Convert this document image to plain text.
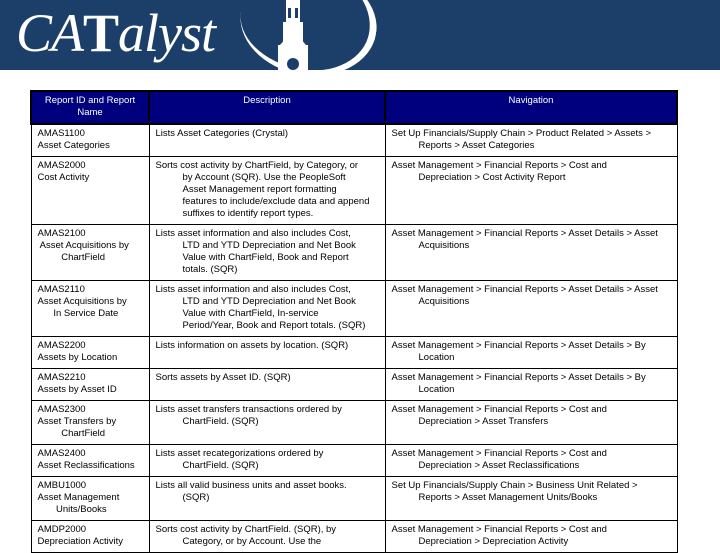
CATalyst
Report ID and Report Name	Description	Navigation

AMAS1100
Asset Categories	Lists Asset Categories (Crystal)	Set Up Financials/Supply Chain > Product Related > Assets >
Reports > Asset Categories

AMAS2000
Cost Activity	Sorts cost activity by ChartField, by Category, or
by Account (SQR). Use the PeopleSoft
Asset Management report formatting
features to include/exclude data and append
suffixes to identify report types.	Asset Management > Financial Reports > Cost and
Depreciation > Cost Activity Report

AMAS2100
Asset Acquisitions by
ChartField	Lists asset information and also includes Cost,
LTD and YTD Depreciation and Net Book
Value with ChartField, Book and Report
totals. (SQR)	Asset Management > Financial Reports > Asset Details > Asset
Acquisitions

AMAS2110
Asset Acquisitions by
In Service Date	Lists asset information and also includes Cost,
LTD and YTD Depreciation and Net Book
Value with ChartField, In-service
Period/Year, Book and Report totals. (SQR)	Asset Management > Financial Reports > Asset Details > Asset
Acquisitions

AMAS2200
Assets by Location	Lists information on assets by location. (SQR)	Asset Management > Financial Reports > Asset Details > By
Location

AMAS2210
Assets by Asset ID	Sorts assets by Asset ID. (SQR)	Asset Management > Financial Reports > Asset Details > By
Location

AMAS2300
Asset Transfers by
ChartField	Lists asset transfers transactions ordered by
ChartField. (SQR)	Asset Management > Financial Reports > Cost and
Depreciation > Asset Transfers

AMAS2400
Asset Reclassifications	Lists asset recategorizations ordered by
ChartField. (SQR)	Asset Management > Financial Reports > Cost and
Depreciation > Asset Reclassifications

AMBU1000
Asset Management
Units/Books	Lists all valid business units and asset books.
(SQR)	Set Up Financials/Supply Chain > Business Unit Related >
Reports > Asset Management Units/Books

AMDP2000
Depreciation Activity	Sorts cost activity by ChartField. (SQR), by
Category, or by Account. Use the	Asset Management > Financial Reports > Cost and
Depreciation > Depreciation Activity
